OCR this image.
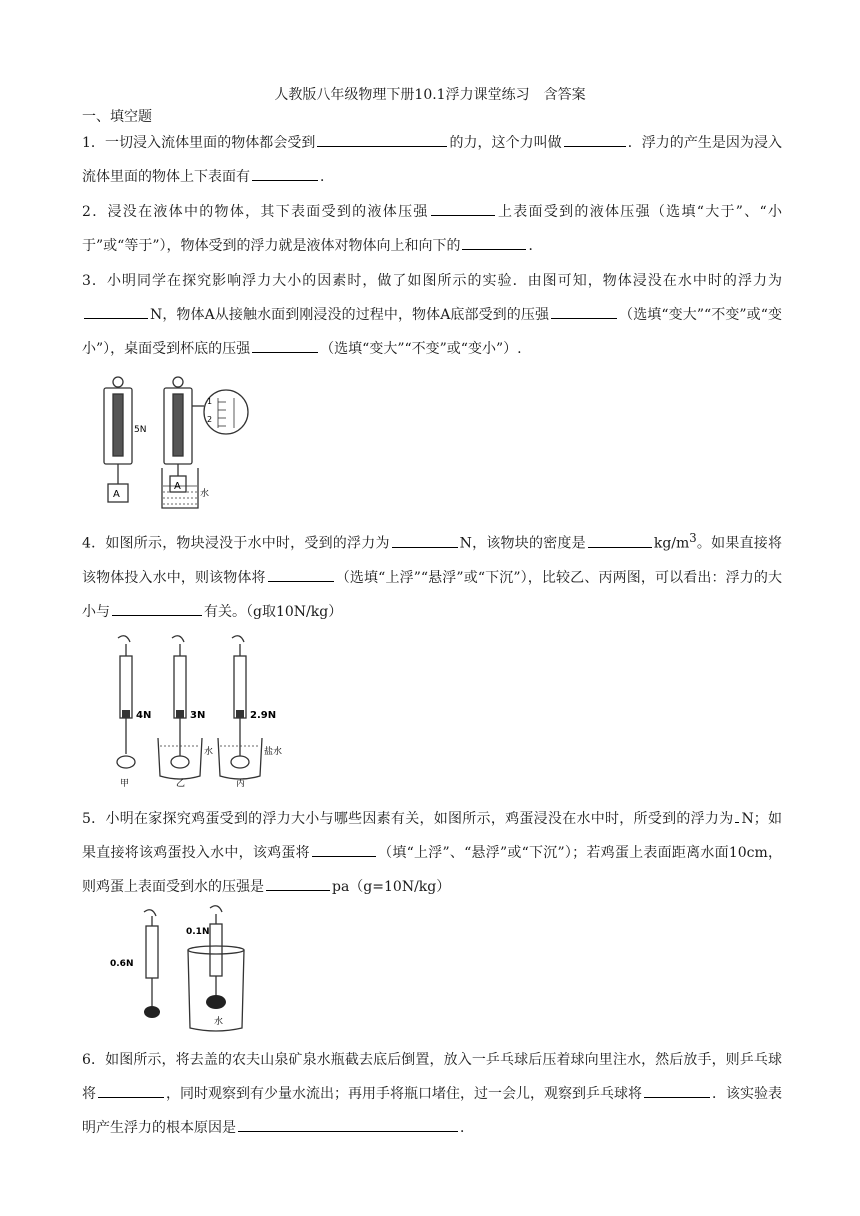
人教版八年级物理下册10.1浮力课堂练习　含答案
一、填空题
1．一切浸入流体里面的物体都会受到	的力，这个力叫做	．浮力的产生是因为浸入流体里面的物体上下表面有	．
2．浸没在液体中的物体，其下表面受到的液体压强	上表面受到的液体压强（选填“大于”、“小于”或“等于”），物体受到的浮力就是液体对物体向上和向下的	．
3．小明同学在探究影响浮力大小的因素时，做了如图所示的实验．由图可知，物体浸没在水中时的浮力为N，物体A从接触水面到刚浸没的过程中，物体A底部受到的压强	（选填“变大”“不变”或“变小”），桌面受到杯底的压强	（选填“变大”“不变”或“变小”）.
5N
A
A
水
1
2
4．如图所示，物块浸没于水中时，受到的浮力为	N，该物块的密度是	$kg/m^3$。如果直接将该物体投入水中，则该物体将	（选填“上浮”“悬浮”或“下沉”），比较乙、丙两图，可以看出：浮力的大小与	有关。（g取10N/kg）
4N	3N	2.9N
水	盐水
甲	乙	丙
5．小明在家探究鸡蛋受到的浮力大小与哪些因素有关，如图所示，鸡蛋浸没在水中时，所受到的浮力为 N；如果直接将该鸡蛋投入水中，该鸡蛋将	（填“上浮”、“悬浮”或“下沉”）；若鸡蛋上表面距离水面10cm，则鸡蛋上表面受到水的压强是	pa（g=10N/kg）
0.6N
0.1N
水
6．如图所示，将去盖的农夫山泉矿泉水瓶截去底后倒置，放入一乒乓球后压着球向里注水，然后放手，则乒乓球将	，同时观察到有少量水流出；再用手将瓶口堵住，过一会儿，观察到乒乓球将	．该实验表明产生浮力的根本原因是	．
